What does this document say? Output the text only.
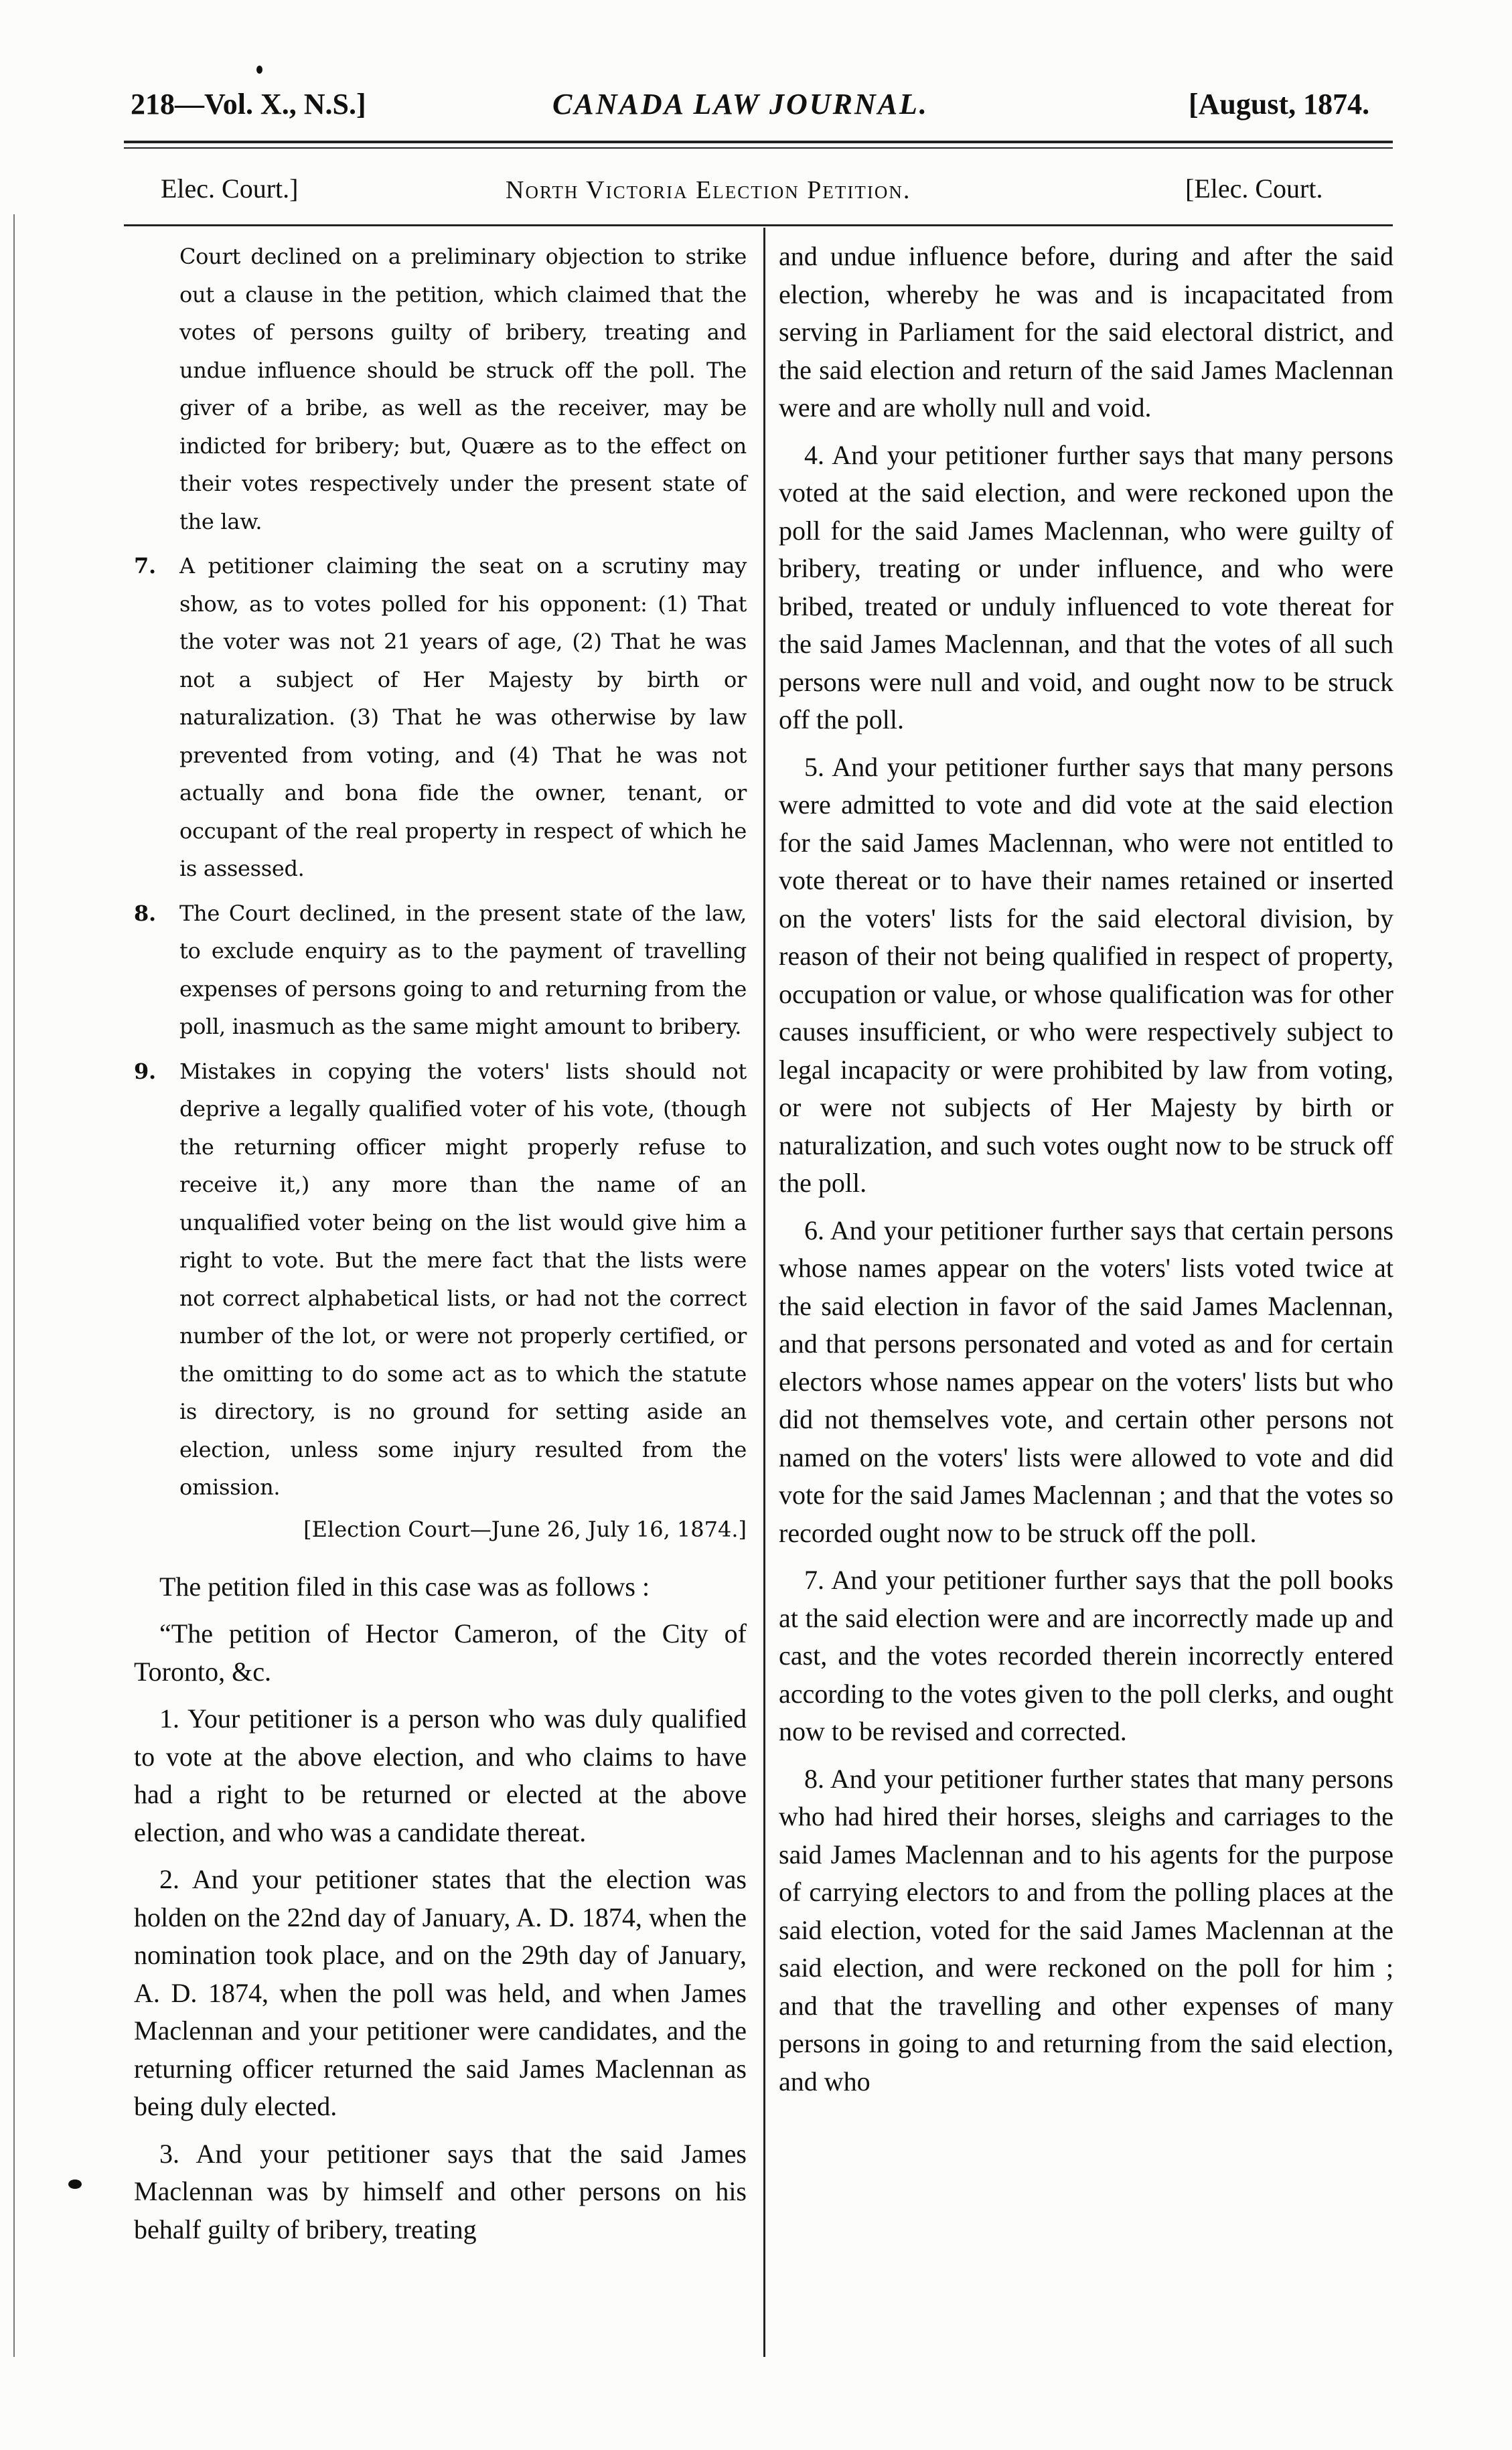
218—Vol. X., N.S.]	CANADA LAW JOURNAL.	[August, 1874.
Elec. Court.]	North Victoria Election Petition.	[Elec. Court.

Court declined on a preliminary objection to strike out a clause in the petition, which claimed that the votes of persons guilty of bribery, treating and undue influence should be struck off the poll. The giver of a bribe, as well as the receiver, may be indicted for bribery; but, Quære as to the effect on their votes respectively under the present state of the law.

7. A petitioner claiming the seat on a scrutiny may show, as to votes polled for his opponent: (1) That the voter was not 21 years of age, (2) That he was not a subject of Her Majesty by birth or naturalization. (3) That he was otherwise by law prevented from voting, and (4) That he was not actually and bona fide the owner, tenant, or occupant of the real property in respect of which he is assessed.

8. The Court declined, in the present state of the law, to exclude enquiry as to the payment of travelling expenses of persons going to and returning from the poll, inasmuch as the same might amount to bribery.

9. Mistakes in copying the voters' lists should not deprive a legally qualified voter of his vote, (though the returning officer might properly refuse to receive it,) any more than the name of an unqualified voter being on the list would give him a right to vote. But the mere fact that the lists were not correct alphabetical lists, or had not the correct number of the lot, or were not properly certified, or the omitting to do some act as to which the statute is directory, is no ground for setting aside an election, unless some injury resulted from the omission.

[Election Court—June 26, July 16, 1874.]

The petition filed in this case was as follows :

“The petition of Hector Cameron, of the City of Toronto, &c.

1. Your petitioner is a person who was duly qualified to vote at the above election, and who claims to have had a right to be returned or elected at the above election, and who was a candidate thereat.

2. And your petitioner states that the election was holden on the 22nd day of January, A. D. 1874, when the nomination took place, and on the 29th day of January, A. D. 1874, when the poll was held, and when James Maclennan and your petitioner were candidates, and the returning officer returned the said James Maclennan as being duly elected.

3. And your petitioner says that the said James Maclennan was by himself and other persons on his behalf guilty of bribery, treating

and undue influence before, during and after the said election, whereby he was and is incapacitated from serving in Parliament for the said electoral district, and the said election and return of the said James Maclennan were and are wholly null and void.

4. And your petitioner further says that many persons voted at the said election, and were reckoned upon the poll for the said James Maclennan, who were guilty of bribery, treating or under influence, and who were bribed, treated or unduly influenced to vote thereat for the said James Maclennan, and that the votes of all such persons were null and void, and ought now to be struck off the poll.

5. And your petitioner further says that many persons were admitted to vote and did vote at the said election for the said James Maclennan, who were not entitled to vote thereat or to have their names retained or inserted on the voters' lists for the said electoral division, by reason of their not being qualified in respect of property, occupation or value, or whose qualification was for other causes insufficient, or who were respectively subject to legal incapacity or were prohibited by law from voting, or were not subjects of Her Majesty by birth or naturalization, and such votes ought now to be struck off the poll.

6. And your petitioner further says that certain persons whose names appear on the voters' lists voted twice at the said election in favor of the said James Maclennan, and that persons personated and voted as and for certain electors whose names appear on the voters' lists but who did not themselves vote, and certain other persons not named on the voters' lists were allowed to vote and did vote for the said James Maclennan ; and that the votes so recorded ought now to be struck off the poll.

7. And your petitioner further says that the poll books at the said election were and are incorrectly made up and cast, and the votes recorded therein incorrectly entered according to the votes given to the poll clerks, and ought now to be revised and corrected.

8. And your petitioner further states that many persons who had hired their horses, sleighs and carriages to the said James Maclennan and to his agents for the purpose of carrying electors to and from the polling places at the said election, voted for the said James Maclennan at the said election, and were reckoned on the poll for him ; and that the travelling and other expenses of many persons in going to and returning from the said election, and who
